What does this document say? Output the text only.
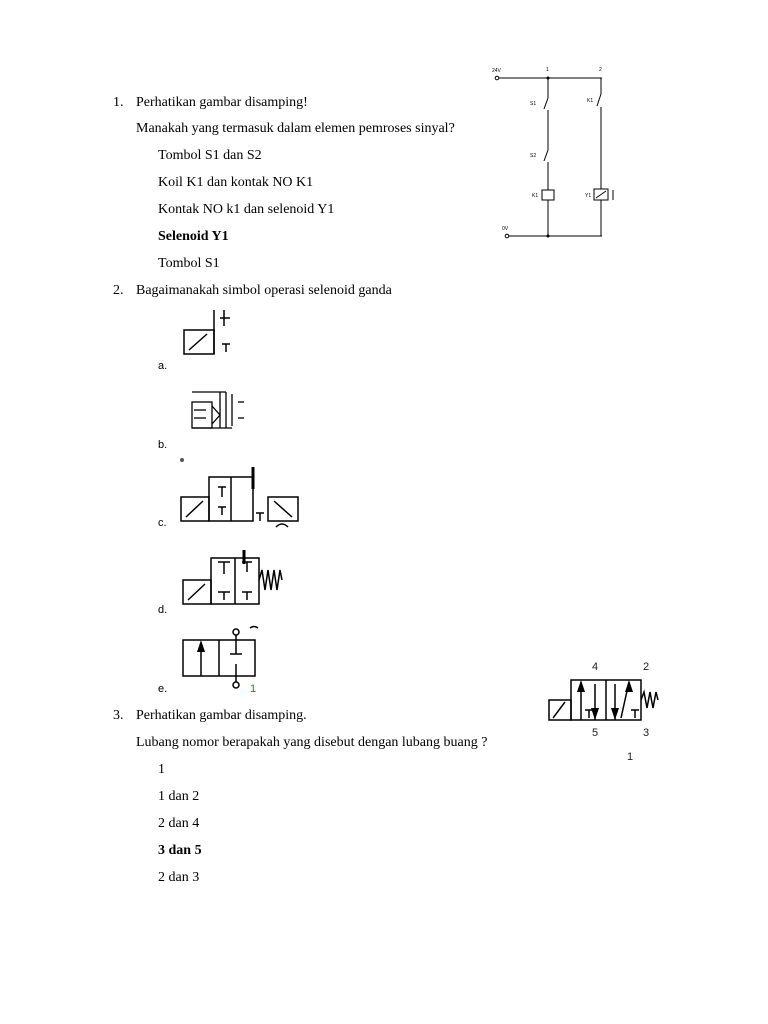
1. Perhatikan gambar disamping!
Manakah yang termasuk dalam elemen pemroses sinyal?
Tombol S1 dan S2
Koil K1 dan kontak NO K1
Kontak NO k1 dan selenoid Y1
Selenoid Y1
Tombol S1
24V
0V
1	2
S1
S2
K1
K1
Y1
2. Bagaimanakah simbol operasi selenoid ganda
a.
b.
c.
d.
e.	1
3. Perhatikan gambar disamping.
Lubang nomor berapakah yang disebut dengan lubang buang ?
1
1 dan 2
2 dan 4
3 dan 5
2 dan 3
4	2
5	3
1
